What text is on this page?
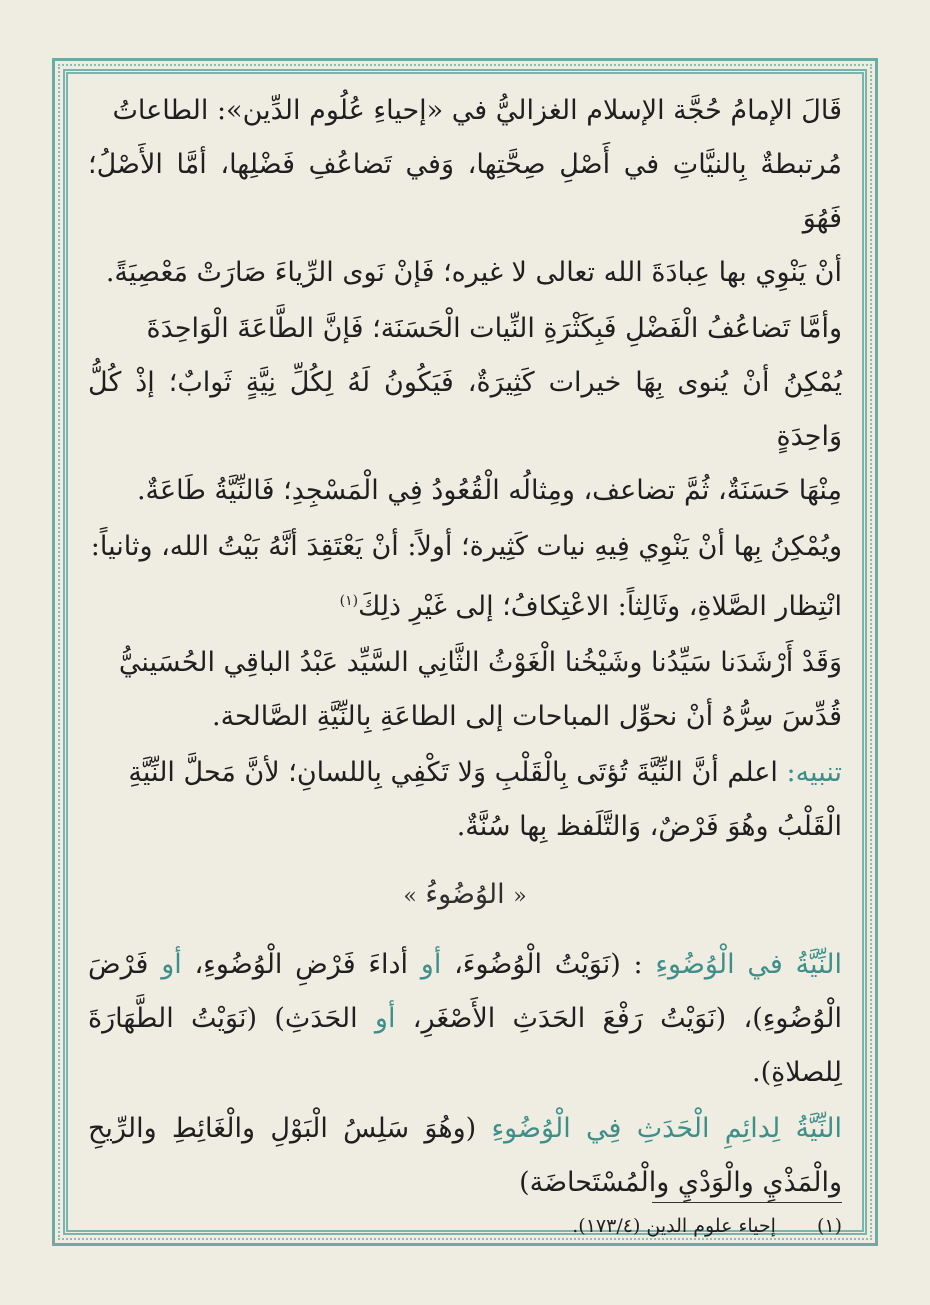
قَالَ الإمامُ حُجَّة الإسلام الغزاليُّ في «إحياءِ عُلُوم الدِّين»: الطاعاتُ
مُرتبطةٌ بِالنيَّاتِ في أَصْلِ صِحَّتِها، وَفي تَضاعُفِ فَضْلِها، أمَّا الأَصْلُ؛ فَهُوَ
أنْ يَنْوِي بها عِبادَةَ الله تعالى لا غيره؛ فَإنْ نَوى الرِّياءَ صَارَتْ مَعْصِيَةً.

وأمَّا تَضاعُفُ الْفَضْلِ فَبِكَثْرَةِ النِّيات الْحَسَنَة؛ فَإنَّ الطَّاعَةَ الْوَاحِدَةَ
يُمْكِنُ أنْ يُنوى بِهَا خيرات كَثِيرَةٌ، فَيَكُونُ لَهُ لِكُلِّ نِيَّةٍ ثَوابٌ؛ إذْ كُلُّ وَاحِدَةٍ
مِنْهَا حَسَنَةٌ، ثُمَّ تضاعف، ومِثالُه الْقُعُودُ فِي الْمَسْجِدِ؛ فَالنِّيَّةُ طَاعَةٌ.

ويُمْكِنُ بِها أنْ يَنْوِي فِيهِ نيات كَثِيرة؛ أولاً: أنْ يَعْتَقِدَ أنَّهُ بَيْتُ الله، وثانياً:
انْتِظار الصَّلاةِ، وثَالِثاً: الاعْتِكافُ؛ إلى غَيْرِ ذلِكَ$^{(١)}$

وَقَدْ أَرْشَدَنا سَيِّدُنا وشَيْخُنا الْغَوْثُ الثَّانِي السَّيِّد عَبْدُ الباقِي الحُسَينيُّ
قُدِّسَ سِرُّهُ أنْ نحوِّل المباحات إلى الطاعَةِ بِالنِّيَّةِ الصَّالحة.

تنبيه: اعلم أنَّ النِّيَّةَ تُؤتَى بِالْقَلْبِ وَلا تَكْفِي بِاللسانِ؛ لأنَّ مَحلَّ النِّيَّةِ
الْقَلْبُ وهُوَ فَرْضٌ، وَالتَّلَفظ بِها سُنَّةٌ.

« الوُضُوءُ »

النِّيَّةُ في الْوُضُوءِ : (نَوَيْتُ الْوُضُوءَ، أو أداءَ فَرْضِ الْوُضُوءِ، أو فَرْضَ الْوُضُوءِ)، (نَوَيْتُ رَفْعَ الحَدَثِ الأَصْغَرِ، أو الحَدَثِ) (نَوَيْتُ الطَّهَارَةَ لِلصلاةِ).

النِّيَّةُ لِدائِمِ الْحَدَثِ فِي الْوُضُوءِ (وهُوَ سَلِسُ الْبَوْلِ والْغَائِطِ والرِّيحِ والْمَذْيِ والْوَدْيِ والْمُسْتَحاضَة)

(١) إحياء علوم الدين (١٧٣/٤).
